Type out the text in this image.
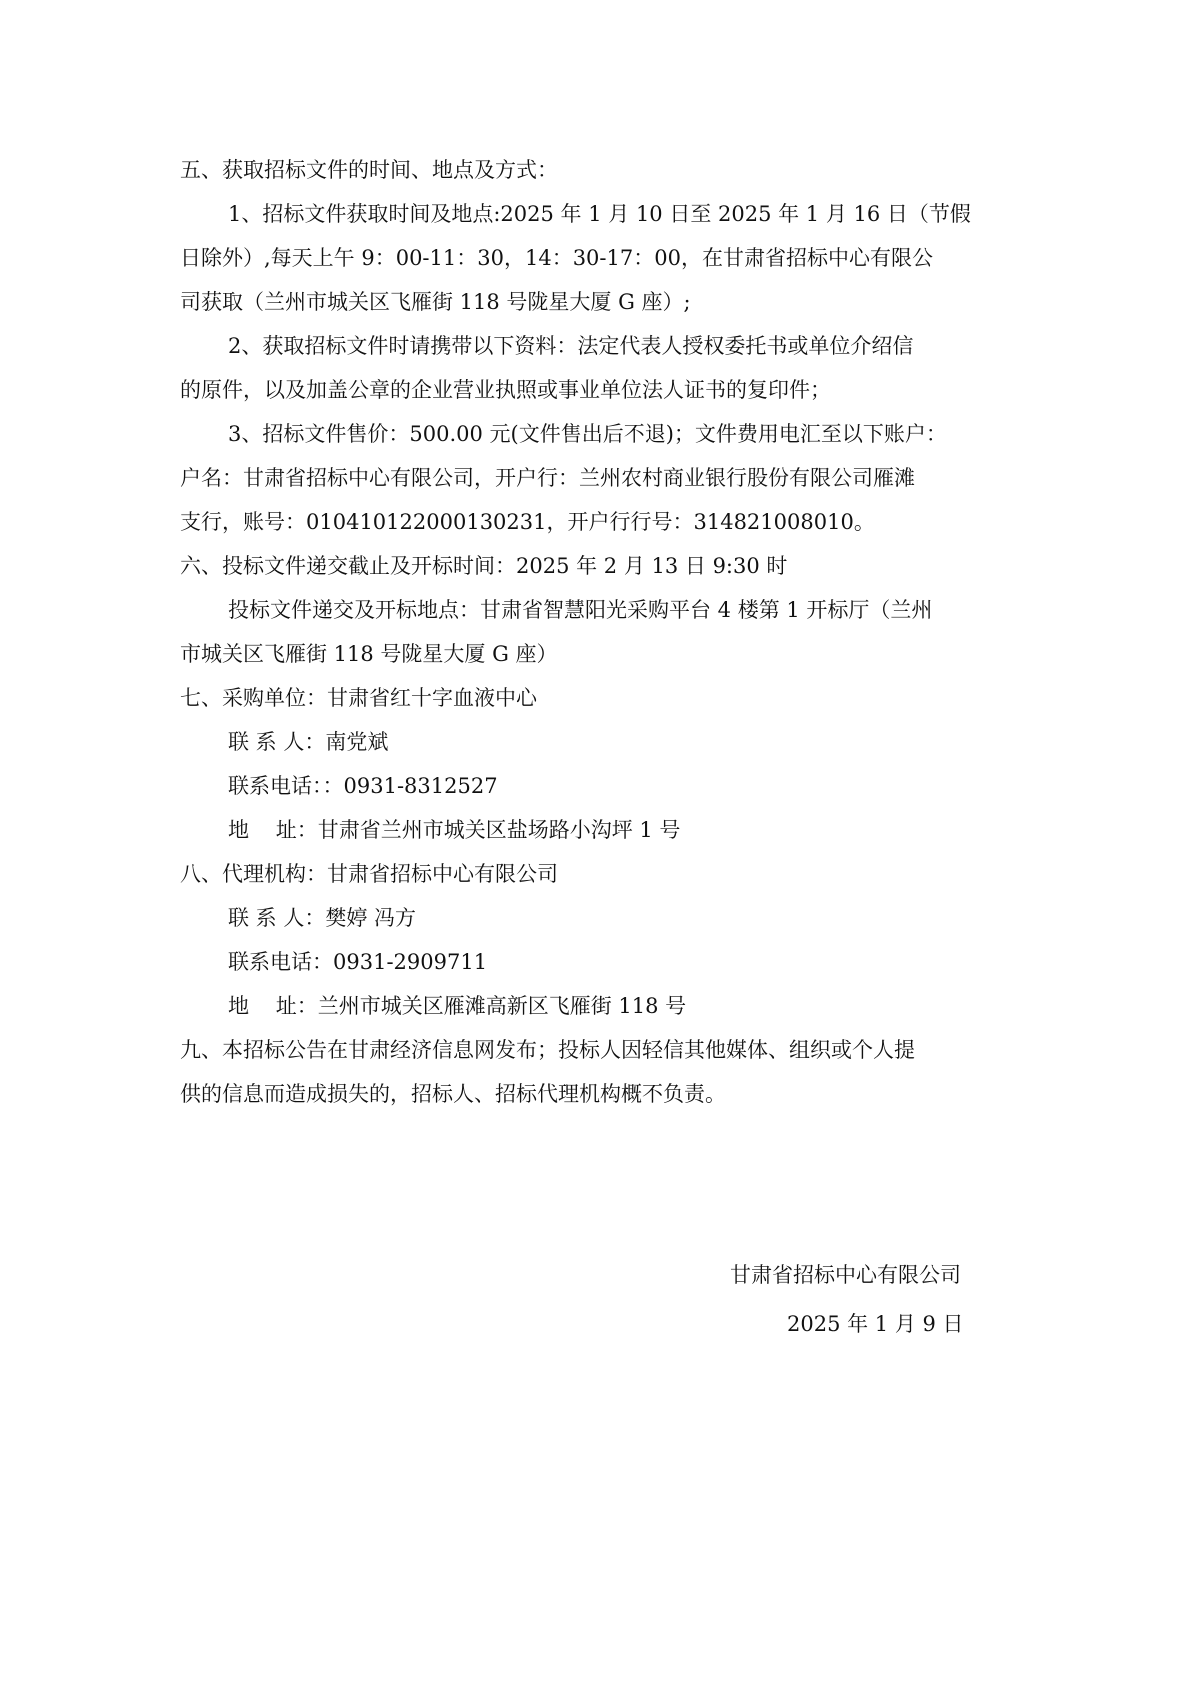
五、获取招标文件的时间、地点及方式：
1、招标文件获取时间及地点:2025 年 1 月 10 日至 2025 年 1 月 16 日（节假
日除外）,每天上午 9：00-11：30，14：30-17：00，在甘肃省招标中心有限公
司获取（兰州市城关区飞雁街 118 号陇星大厦 G 座）;
2、获取招标文件时请携带以下资料：法定代表人授权委托书或单位介绍信
的原件，以及加盖公章的企业营业执照或事业单位法人证书的复印件；
3、招标文件售价：500.00 元(文件售出后不退)；文件费用电汇至以下账户：
户名：甘肃省招标中心有限公司，开户行：兰州农村商业银行股份有限公司雁滩
支行，账号：010410122000130231，开户行行号：314821008010。
六、投标文件递交截止及开标时间：2025 年 2 月 13 日 9:30 时
投标文件递交及开标地点：甘肃省智慧阳光采购平台 4 楼第 1 开标厅（兰州
市城关区飞雁街 118 号陇星大厦 G 座）
七、采购单位：甘肃省红十字血液中心
联 系 人：南党斌
联系电话：：0931-8312527
地    址：甘肃省兰州市城关区盐场路小沟坪 1 号
八、代理机构：甘肃省招标中心有限公司
联 系 人：樊婷 冯方
联系电话：0931-2909711
地    址：兰州市城关区雁滩高新区飞雁街 118 号
九、本招标公告在甘肃经济信息网发布；投标人因轻信其他媒体、组织或个人提
供的信息而造成损失的，招标人、招标代理机构概不负责。
甘肃省招标中心有限公司
2025 年 1 月 9 日
